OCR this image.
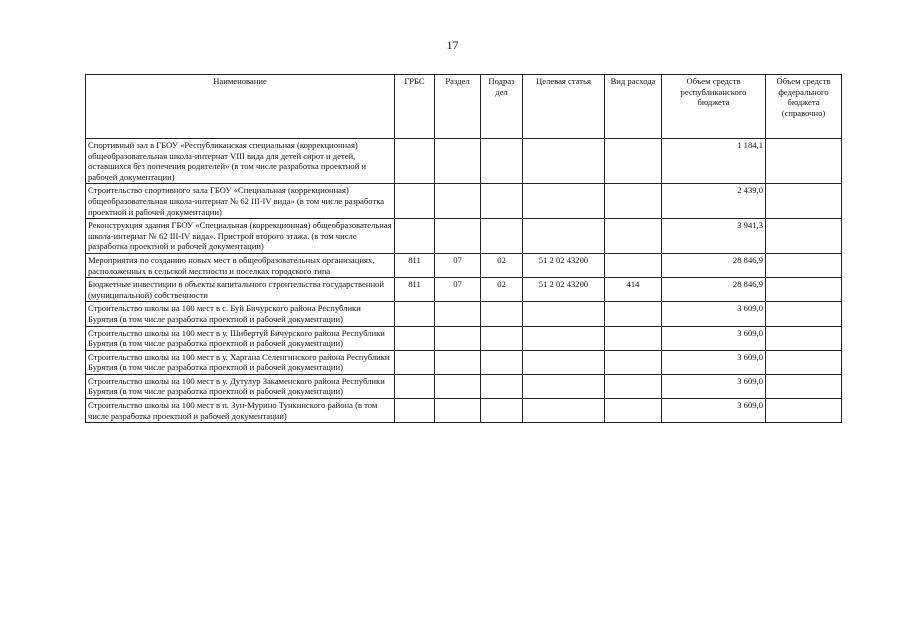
17
Наименование	ГРБС	Раздел	Подраз дел	Целевая статья	Вид расхода	Объем средств республиканского бюджета	Объем средств федерального бюджета (справочно)
Спортивный зал в ГБОУ «Республиканская специальная (коррекционная) общеобразовательная школа-интернат VIII вида для детей сирот и детей, оставшихся без попечения родителей» (в том числе разработка проектной и рабочей документации)						1 184,1	
Строительство спортивного зала ГБОУ «Специальная (коррекционная) общеобразовательная школа-интернат № 62 III-IV вида» (в том числе разработка проектной и рабочей документации)						2 439,0	
Реконструкция здания ГБОУ «Специальная (коррекционная) общеобразовательная школа-интернат № 62 III-IV вида». Пристрой второго этажа. (в том числе разработка проектной и рабочей документации)						3 941,3	
Мероприятия по созданию новых мест в общеобразовательных организациях, расположенных в сельской местности и поселках городского типа	811	07	02	51 2 02 43200		28 846,9	
Бюджетные инвестиции в объекты капитального строительства государственной (муниципальной) собственности	811	07	02	51 2 02 43200	414	28 846,9	
Строительство школы на 100 мест в с. Буй Бичурского района Республики Бурятия (в том числе разработка проектной и рабочей документации)						3 609,0	
Строительство школы на 100 мест в у. Шибертуй Бичурского района Республики Бурятия (в том числе разработка проектной и рабочей документации)						3 609,0	
Строительство школы на 100 мест в у. Харгана Селенгинского района Республики Бурятия (в том числе разработка проектной и рабочей документации)						3 609,0	
Строительство школы на 100 мест в у. Дутулур Закаменского района Республики Бурятия (в том числе разработка проектной и рабочей документации)						3 609,0	
Строительство школы на 100 мест в п. Зун-Мурино Тункинского района (в том числе разработка проектной и рабочей документации)						3 609,0	
